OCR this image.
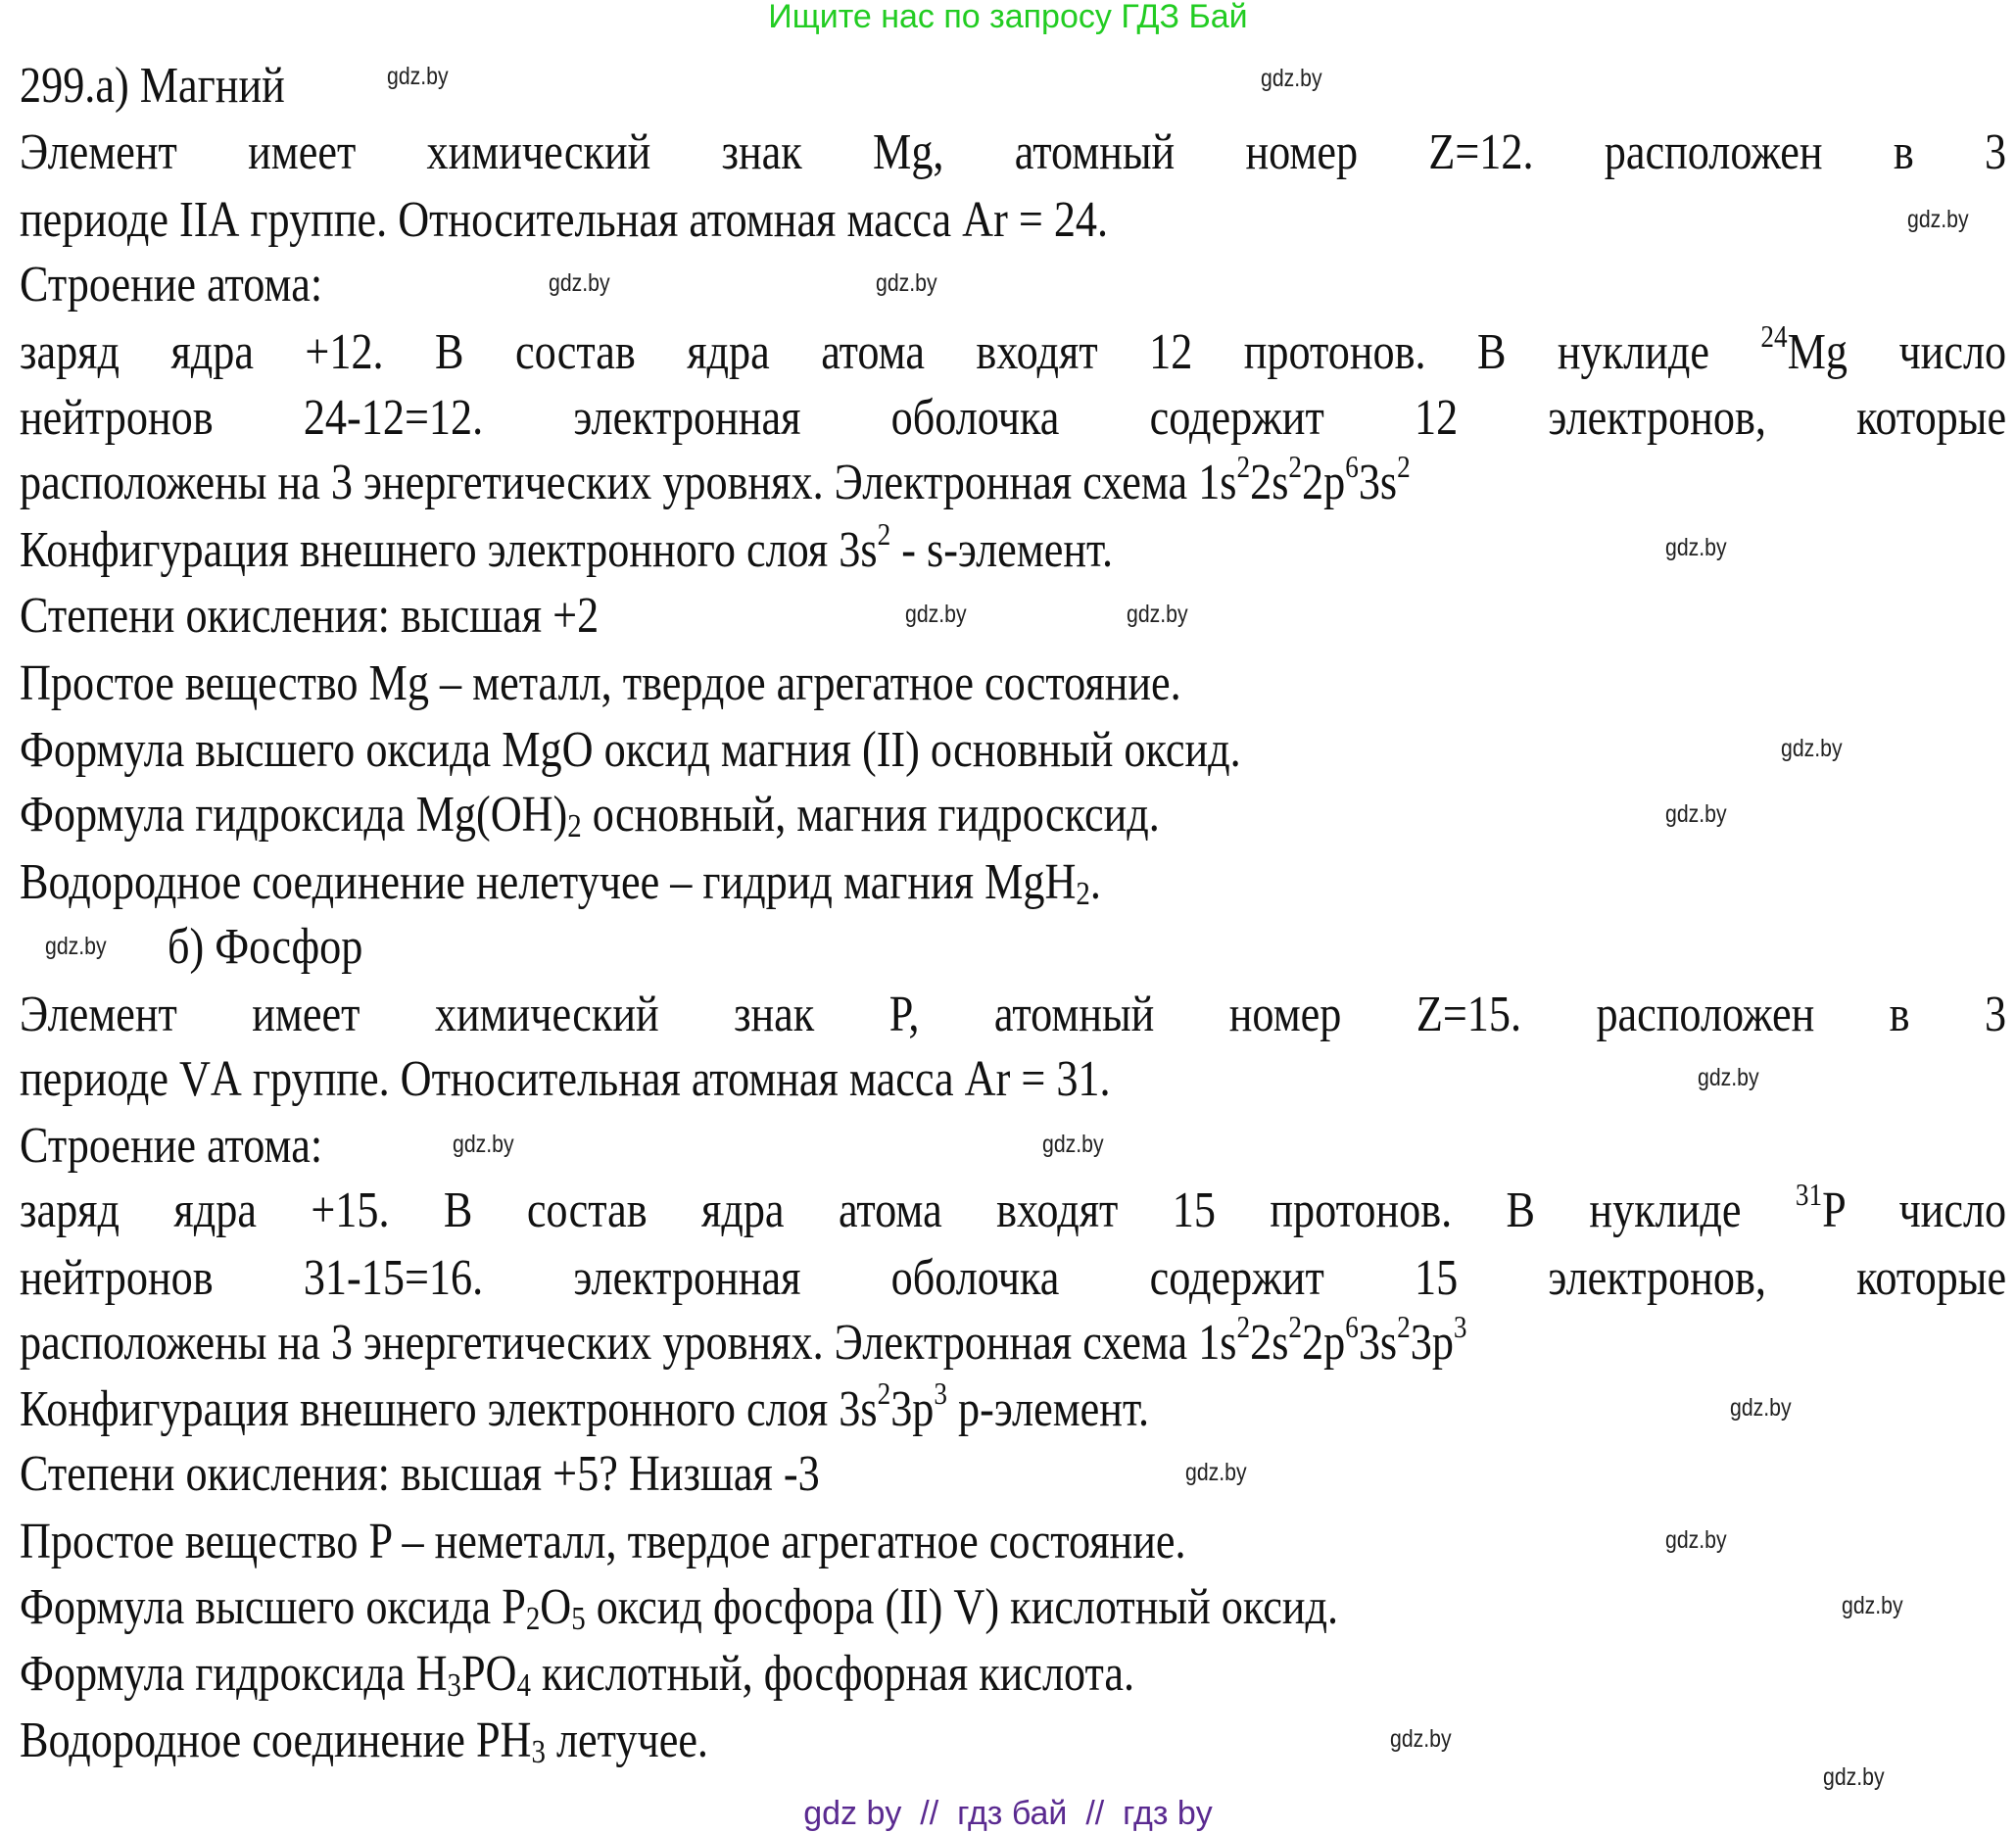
Ищите нас по запросу ГДЗ Бай
299.а) Магний
Элемент имеет химический знак Mg, атомный номер Z=12. расположен в 3
периоде IIА группе. Относительная атомная масса Ar = 24.
Строение атома:
заряд ядра +12. В состав ядра атома входят 12 протонов. В нуклиде $^{24}$Mg число
нейтронов 24-12=12. электронная оболочка содержит 12 электронов, которые
расположены на 3 энергетических уровнях. Электронная схема $1s^22s^22p^63s^2$
Конфигурация внешнего электронного слоя $3s^2$ - s-элемент.
Степени окисления: высшая +2
Простое вещество Mg – металл, твердое агрегатное состояние.
Формула высшего оксида MgO оксид магния (II) основный оксид.
Формула гидроксида $Mg(OH)_2$ основный, магния гидросксид.
Водородное соединение нелетучее – гидрид магния MgH$_2$.
б) Фосфор
Элемент имеет химический знак P, атомный номер Z=15. расположен в 3
периоде VА группе. Относительная атомная масса Ar = 31.
Строение атома:
заряд ядра +15. В состав ядра атома входят 15 протонов. В нуклиде $^{31}$P число
нейтронов 31-15=16. электронная оболочка содержит 15 электронов, которые
расположены на 3 энергетических уровнях. Электронная схема $1s^22s^22p^63s^23p^3$
Конфигурация внешнего электронного слоя $3s^23p^3$ p-элемент.
Степени окисления: высшая +5? Низшая -3
Простое вещество P – неметалл, твердое агрегатное состояние.
Формула высшего оксида $P_2O_5$ оксид фосфора (II) V) кислотный оксид.
Формула гидроксида $H_3PO_4$ кислотный, фосфорная кислота.
Водородное соединение $PH_3$ летучее.
gdz.by	gdz.by
gdz.by
gdz.by
gdz.by
gdz.by
gdz.by
gdz.by
gdz.by
gdz.by
gdz.by
gdz.by
gdz.by	gdz.by
gdz.by
gdz.by
gdz.by
gdz.by
gdz.by
gdz.by
gdz by  //  гдз бай  //  гдз by
